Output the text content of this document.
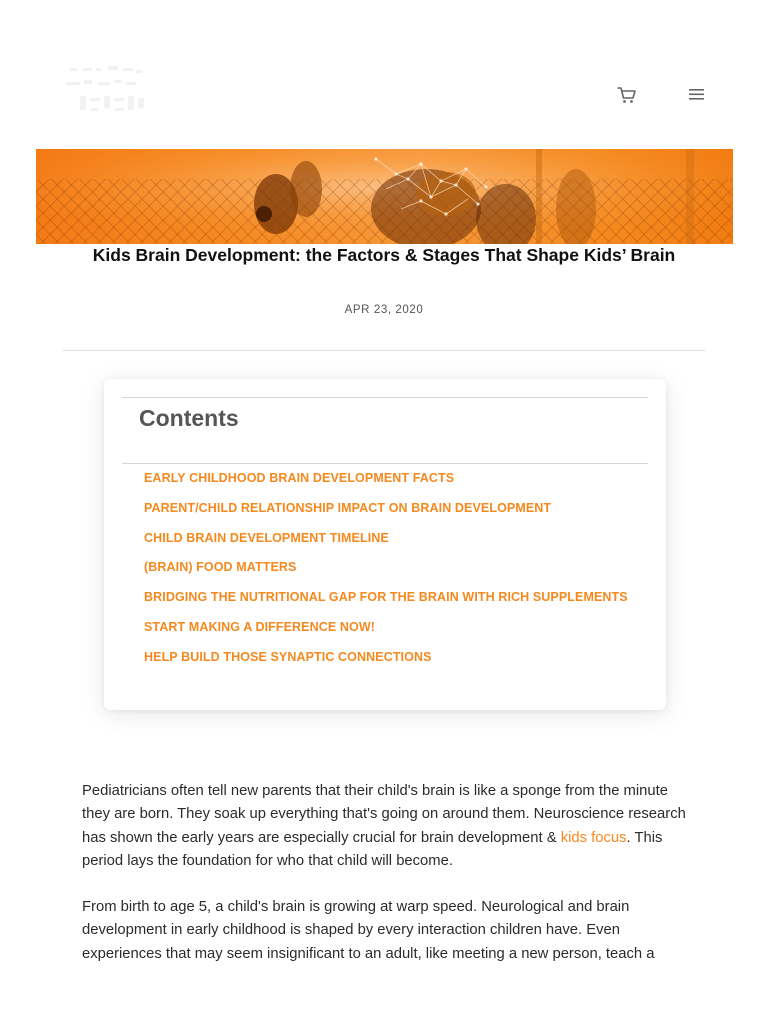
Kids Brain Development: the Factors & Stages That Shape Kids’ Brain
APR 23, 2020
Contents
EARLY CHILDHOOD BRAIN DEVELOPMENT FACTS
PARENT/CHILD RELATIONSHIP IMPACT ON BRAIN DEVELOPMENT
CHILD BRAIN DEVELOPMENT TIMELINE
(BRAIN) FOOD MATTERS
BRIDGING THE NUTRITIONAL GAP FOR THE BRAIN WITH RICH SUPPLEMENTS
START MAKING A DIFFERENCE NOW!
HELP BUILD THOSE SYNAPTIC CONNECTIONS

Pediatricians often tell new parents that their child's brain is like a sponge from the minute they are born. They soak up everything that's going on around them. Neuroscience research has shown the early years are especially crucial for brain development & kids focus. This period lays the foundation for who that child will become.

From birth to age 5, a child's brain is growing at warp speed. Neurological and brain development in early childhood is shaped by every interaction children have. Even experiences that may seem insignificant to an adult, like meeting a new person, teach a
